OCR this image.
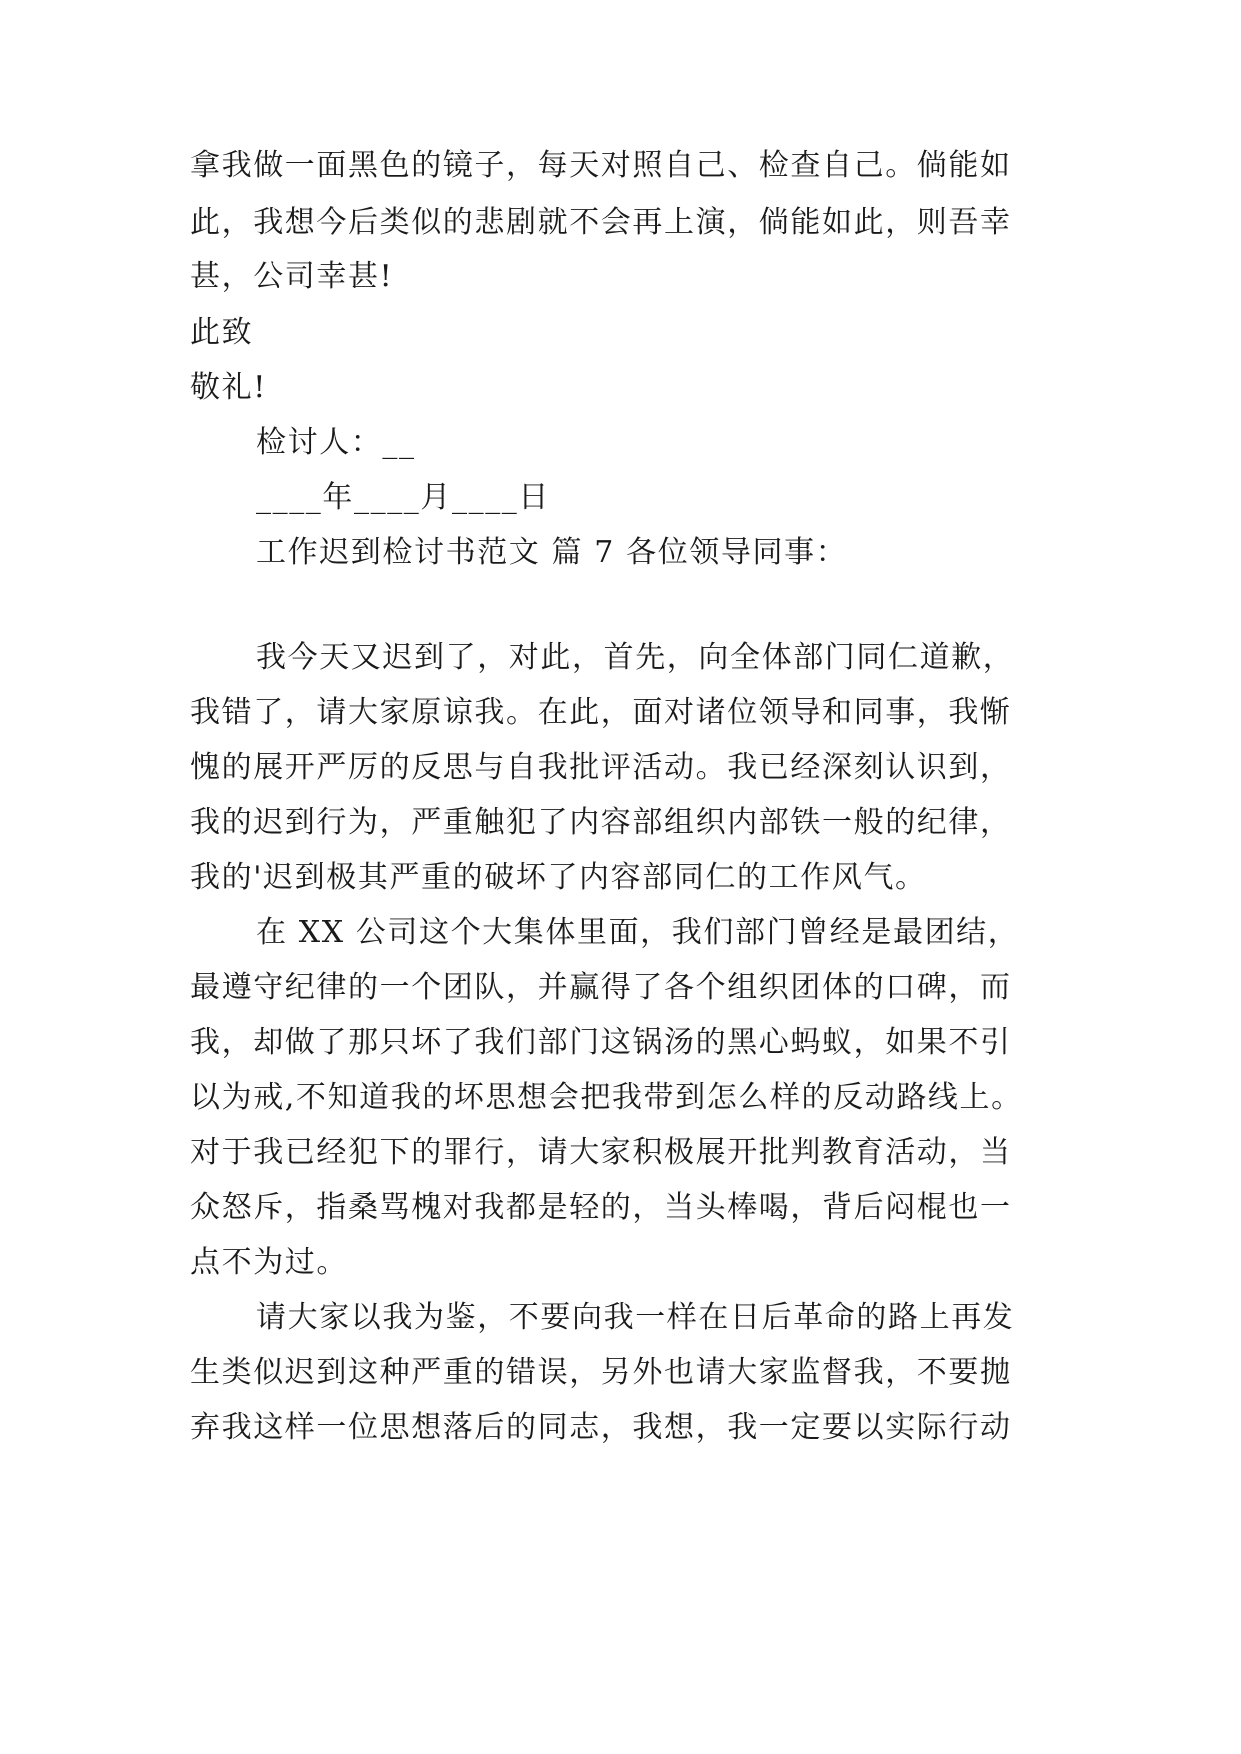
拿我做一面黑色的镜子，每天对照自己、检查自己。倘能如
此，我想今后类似的悲剧就不会再上演，倘能如此，则吾幸
甚，公司幸甚!
此致
敬礼!
检讨人：__
____年____月____日
工作迟到检讨书范文 篇 7 各位领导同事：
我今天又迟到了，对此，首先，向全体部门同仁道歉，
我错了，请大家原谅我。在此，面对诸位领导和同事，我惭
愧的展开严厉的反思与自我批评活动。我已经深刻认识到，
我的迟到行为，严重触犯了内容部组织内部铁一般的纪律，
我的'迟到极其严重的破坏了内容部同仁的工作风气。
在 XX 公司这个大集体里面，我们部门曾经是最团结，
最遵守纪律的一个团队，并赢得了各个组织团体的口碑，而
我，却做了那只坏了我们部门这锅汤的黑心蚂蚁，如果不引
以为戒,不知道我的坏思想会把我带到怎么样的反动路线上。
对于我已经犯下的罪行，请大家积极展开批判教育活动，当
众怒斥，指桑骂槐对我都是轻的，当头棒喝，背后闷棍也一
点不为过。
请大家以我为鉴，不要向我一样在日后革命的路上再发
生类似迟到这种严重的错误，另外也请大家监督我，不要抛
弃我这样一位思想落后的同志，我想，我一定要以实际行动
